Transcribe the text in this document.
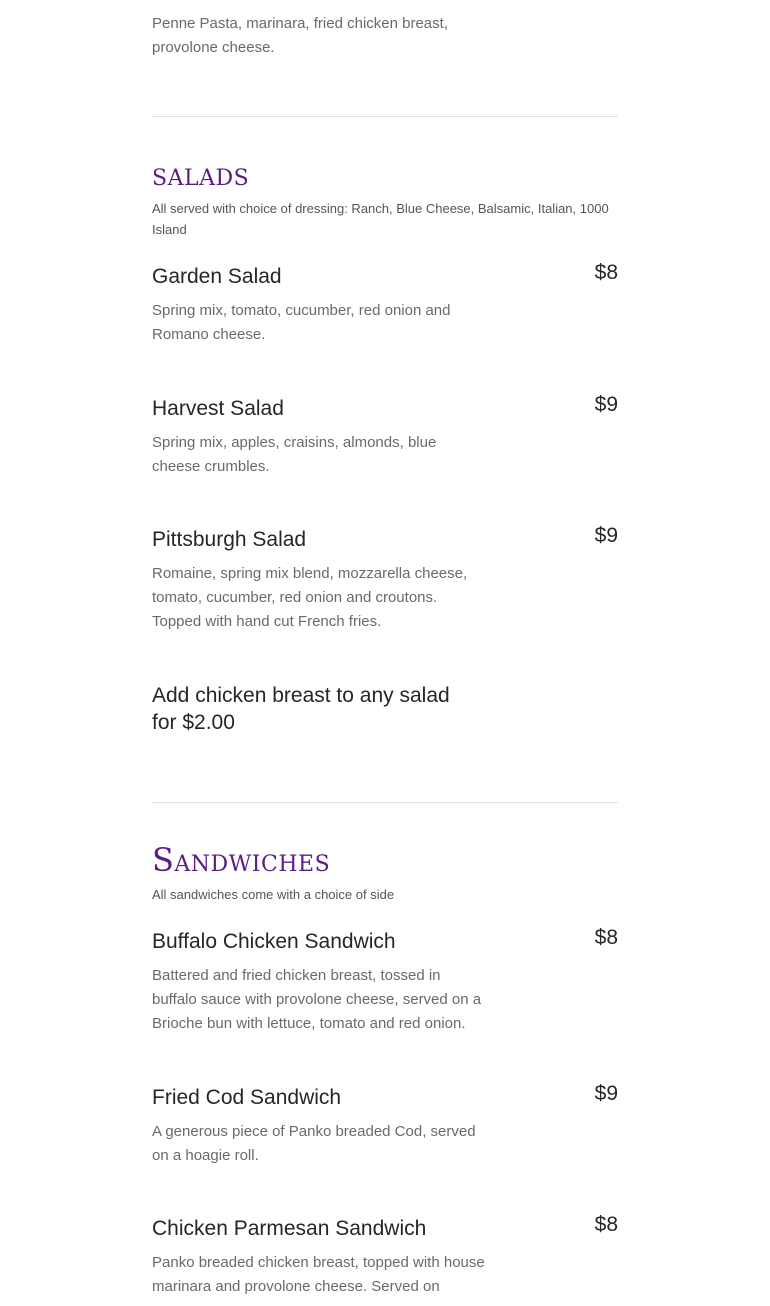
Penne Pasta, marinara, fried chicken breast, provolone cheese.

salads

All served with choice of dressing: Ranch, Blue Cheese, Balsamic, Italian, 1000 Island

Garden Salad	$8

Spring mix, tomato, cucumber, red onion and Romano cheese.

Harvest Salad	$9

Spring mix, apples, craisins, almonds, blue cheese crumbles.

Pittsburgh Salad	$9

Romaine, spring mix blend, mozzarella cheese, tomato, cucumber, red onion and croutons. Topped with hand cut French fries.

Add chicken breast to any salad for $2.00

Sandwiches

All sandwiches come with a choice of side

Buffalo Chicken Sandwich	$8

Battered and fried chicken breast, tossed in buffalo sauce with provolone cheese, served on a Brioche bun with lettuce, tomato and red onion.

Fried Cod Sandwich	$9

A generous piece of Panko breaded Cod, served on a hoagie roll.

Chicken Parmesan Sandwich	$8

Panko breaded chicken breast, topped with house marinara and provolone cheese. Served on
